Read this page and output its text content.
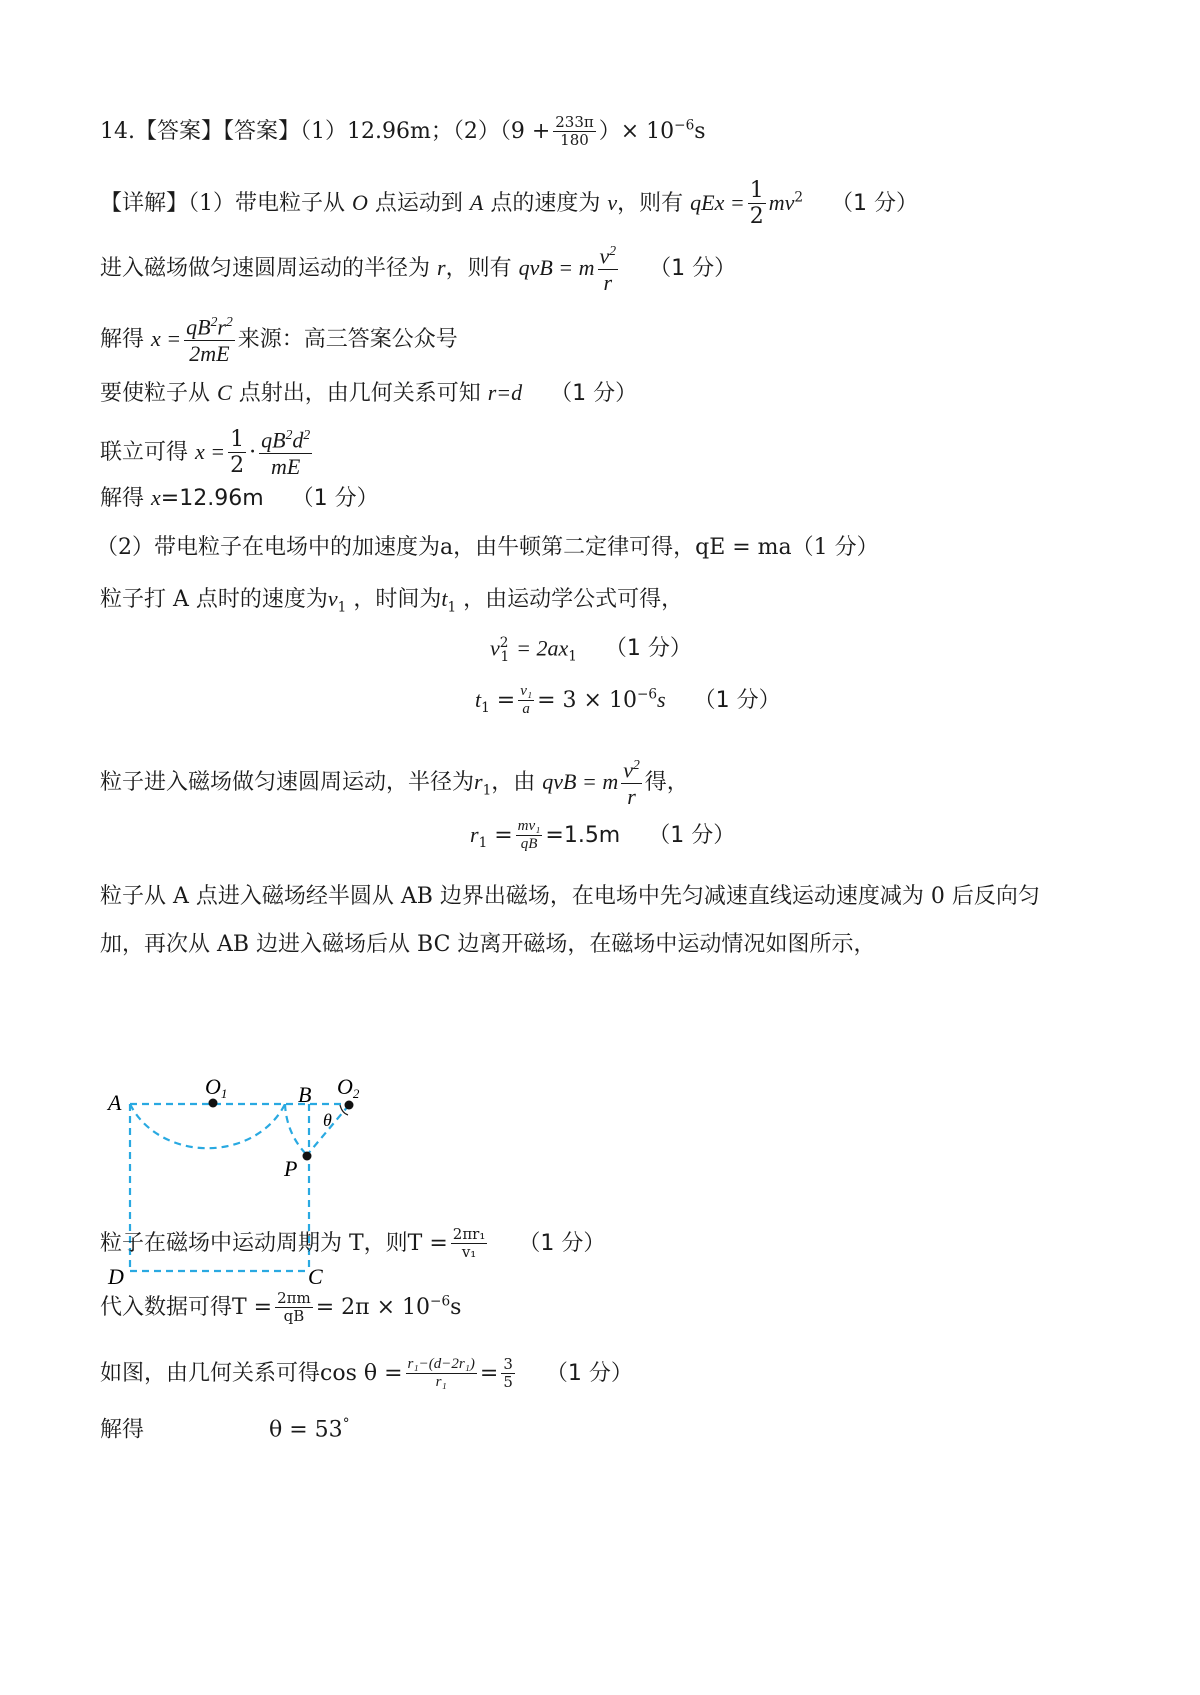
14.【答案】【答案】（1）12.96m；$(2)(9 + \frac{233\pi}{180}$ ）× $10^{-6}s$
【详解】（1）带电粒子从 O 点运动到 A 点的速度为 v，则有 qEx = $\frac{1}{2} mv^2$ （1 分）
进入磁场做匀速圆周运动的半径为 r，则有 qvB = m $\frac{v^2}{r} (1$ 分）
解得 $x = \frac{qB^2r^2}{2mE}$ 来源：高三答案公众号
要使粒子从 C 点射出，由几何关系可知 r=d （1 分）
联立可得 $x = \frac{1}{2} \cdot \frac{qB^2d^2}{mE}$
解得 x=12.96m （1 分）
（2）带电粒子在电场中的加速度为a，由牛顿第二定律可得，qE = ma（1 分）
粒子打 A 点时的速度为$v_1$ ，时间为$t_1$ ，由运动学公式可得，
$v^2_1 = 2ax_1$ （1 分）
$t_1 = \frac{\text{v₁}}{a} = 3 \times 10^{-6}s$ （1 分）
粒子进入磁场做匀速圆周运动，半径为$r_1$，由 qvB = m $\frac{v^2}{r}$ 得，
$r_1 = \frac{\text{mv₁}}{qB} =1.5m$ （1 分）
粒子从 A 点进入磁场经半圆从 AB 边界出磁场，在电场中先匀减速直线运动速度减为 0 后反向匀
加，再次从 AB 边进入磁场后从 BC 边离开磁场，在磁场中运动情况如图所示，
A
O1	B O2
θ
P
D	C
粒子在磁场中运动周期为 T，则$T = \frac{\text{2πr₁}}{\text{v₁}} (1$ 分）
代入数据可得$T = \frac{2\pi m}{qB} = 2\pi \times 10^{-6}s$
如图，由几何关系可得$\cos \theta = \frac{\text{r₁−(d−2r₁)}}{\text{r₁}} = \frac{3}{5} (1$ 分）
解得	θ = 53°
